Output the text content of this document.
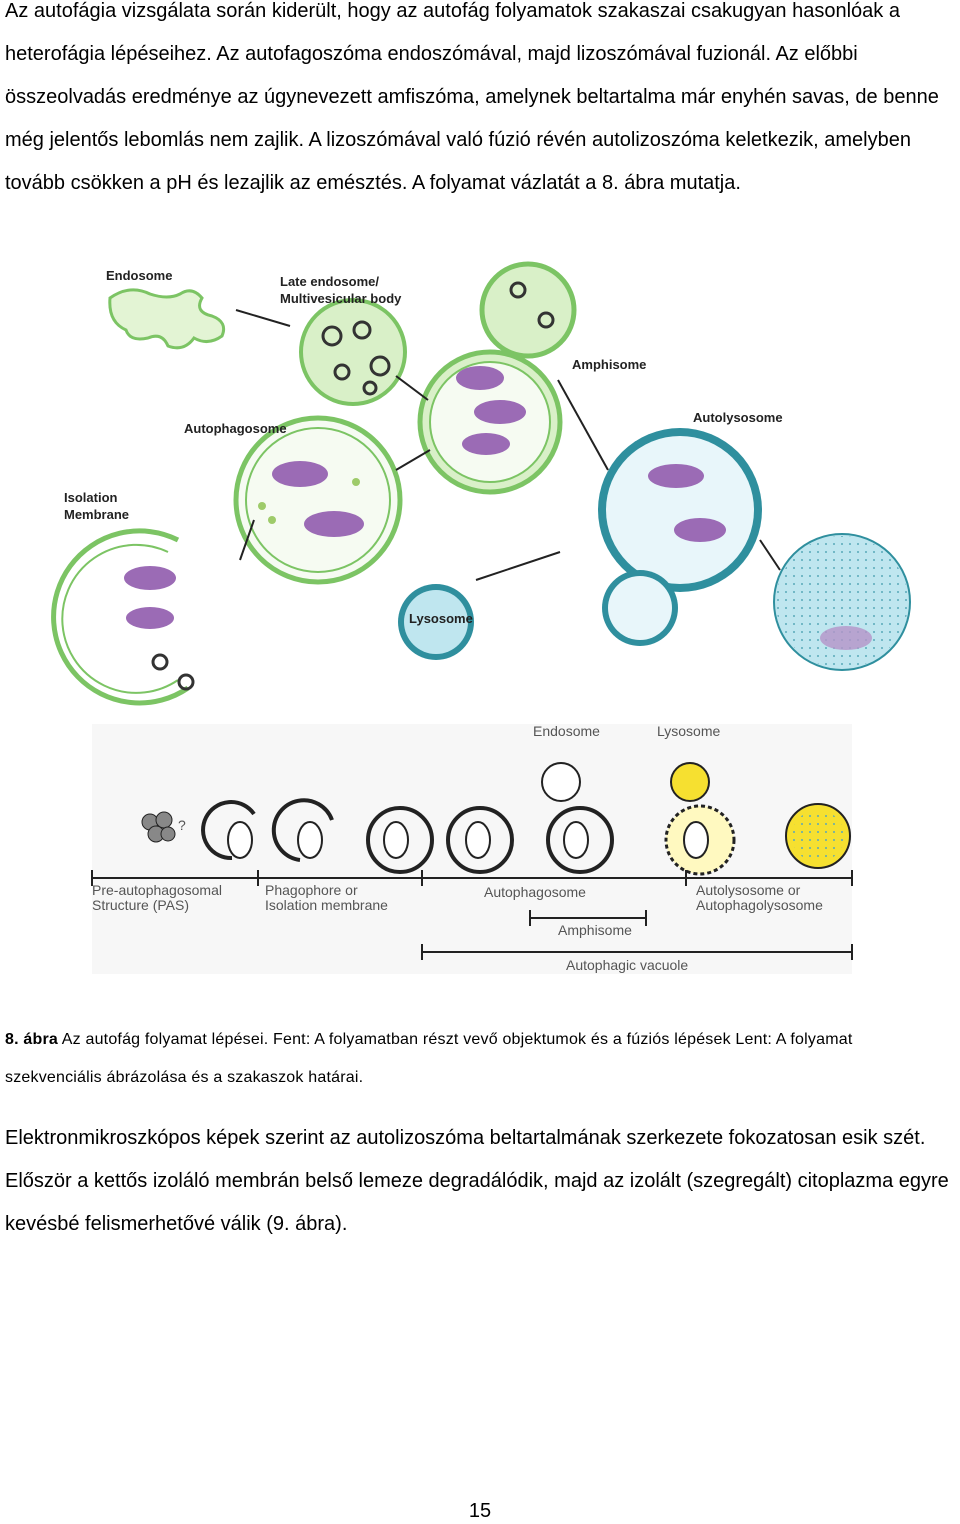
Az autofágia vizsgálata során kiderült, hogy az autofág folyamatok szakaszai csakugyan hasonlóak a heterofágia lépéseihez. Az autofagoszóma endoszómával, majd lizoszómával fuzionál. Az előbbi összeolvadás eredménye az úgynevezett amfiszóma, amelynek beltartalma már enyhén savas, de benne még jelentős lebomlás nem zajlik. A lizoszómával való fúzió révén autolizoszóma keletkezik, amelyben tovább csökken a pH és lezajlik az emésztés. A folyamat vázlatát a 8. ábra mutatja.

Endosome	Late endosome/
Multivesicular body
Amphisome
Autophagosome
Autolysosome
Isolation
Membrane
Lysosome
Endosome	Lysosome
?
Pre-autophagosomal
Structure (PAS)
Phagophore or
Isolation membrane
Autophagosome	Autolysosome or
Autophagolysosome
Amphisome
Autophagic vacuole

8. ábra Az autofág folyamat lépései. Fent: A folyamatban részt vevő objektumok és a fúziós lépések Lent: A folyamat szekvenciális ábrázolása és a szakaszok határai.

Elektronmikroszkópos képek szerint az autolizoszóma beltartalmának szerkezete fokozatosan esik szét. Először a kettős izoláló membrán belső lemeze degradálódik, majd az izolált (szegregált) citoplazma egyre kevésbé felismerhetővé válik (9. ábra).

15
